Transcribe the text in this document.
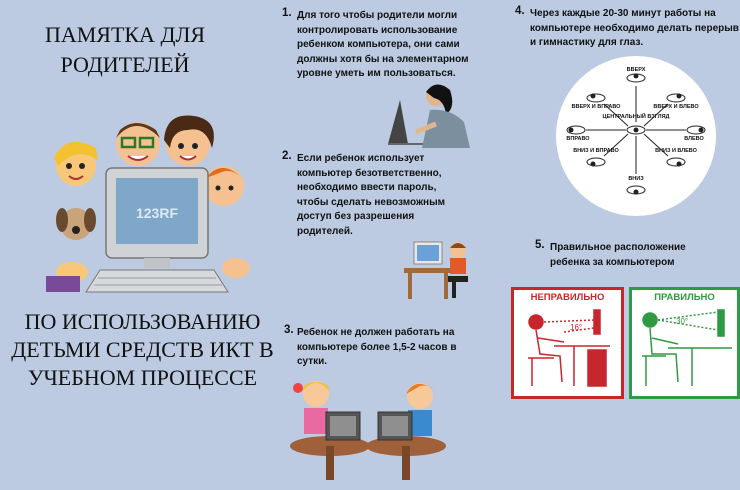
ПАМЯТКА ДЛЯ РОДИТЕЛЕЙ
ПО ИСПОЛЬЗОВАНИЮ ДЕТЬМИ СРЕДСТВ ИКТ В УЧЕБНОМ ПРОЦЕССЕ
123RF
1. Для того чтобы родители могли контролировать использование ребенком компьютера, они сами должны хотя бы на элементарном уровне уметь им пользоваться.
2. Если ребенок использует компьютер безответственно, необходимо ввести пароль, чтобы сделать невозможным доступ без разрешения родителей.
3. Ребенок не должен работать на компьютере более 1,5-2 часов в сутки.
4. Через каждые 20-30 минут работы на компьютере необходимо делать перерыв и гимнастику для глаз.
ВВЕРХ
ВВЕРХ И ВПРАВО	ВВЕРХ И ВЛЕВО
ЦЕНТРАЛЬНЫЙ ВЗГЛЯД
ВПРАВО	ВЛЕВО
ВНИЗ И ВПРАВО	ВНИЗ И ВЛЕВО
ВНИЗ
5. Правильное расположение ребенка за компьютером
НЕПРАВИЛЬНО
16°
ПРАВИЛЬНО
30°
